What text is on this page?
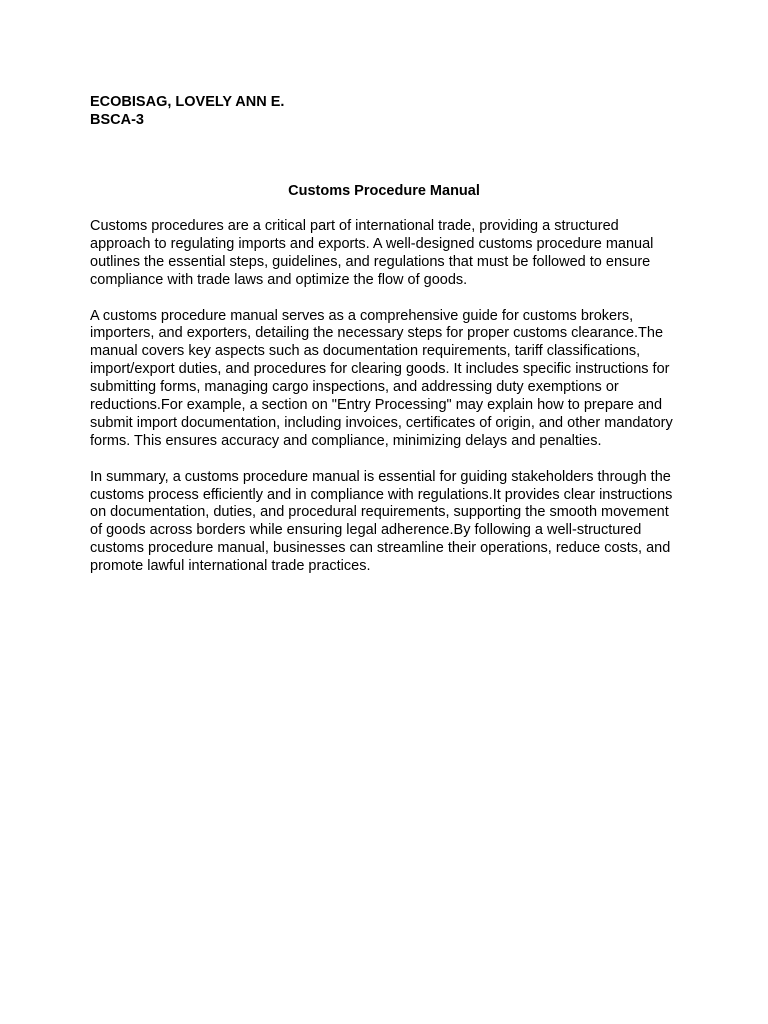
ECOBISAG, LOVELY ANN E.
BSCA-3
Customs Procedure Manual

Customs procedures are a critical part of international trade, providing a structured approach to regulating imports and exports. A well-designed customs procedure manual outlines the essential steps, guidelines, and regulations that must be followed to ensure compliance with trade laws and optimize the flow of goods.

A customs procedure manual serves as a comprehensive guide for customs brokers, importers, and exporters, detailing the necessary steps for proper customs clearance.The manual covers key aspects such as documentation requirements, tariff classifications, import/export duties, and procedures for clearing goods. It includes specific instructions for submitting forms, managing cargo inspections, and addressing duty exemptions or reductions.For example, a section on "Entry Processing" may explain how to prepare and submit import documentation, including invoices, certificates of origin, and other mandatory forms. This ensures accuracy and compliance, minimizing delays and penalties.

In summary, a customs procedure manual is essential for guiding stakeholders through the customs process efficiently and in compliance with regulations.It provides clear instructions on documentation, duties, and procedural requirements, supporting the smooth movement of goods across borders while ensuring legal adherence.By following a well-structured customs procedure manual, businesses can streamline their operations, reduce costs, and promote lawful international trade practices.
